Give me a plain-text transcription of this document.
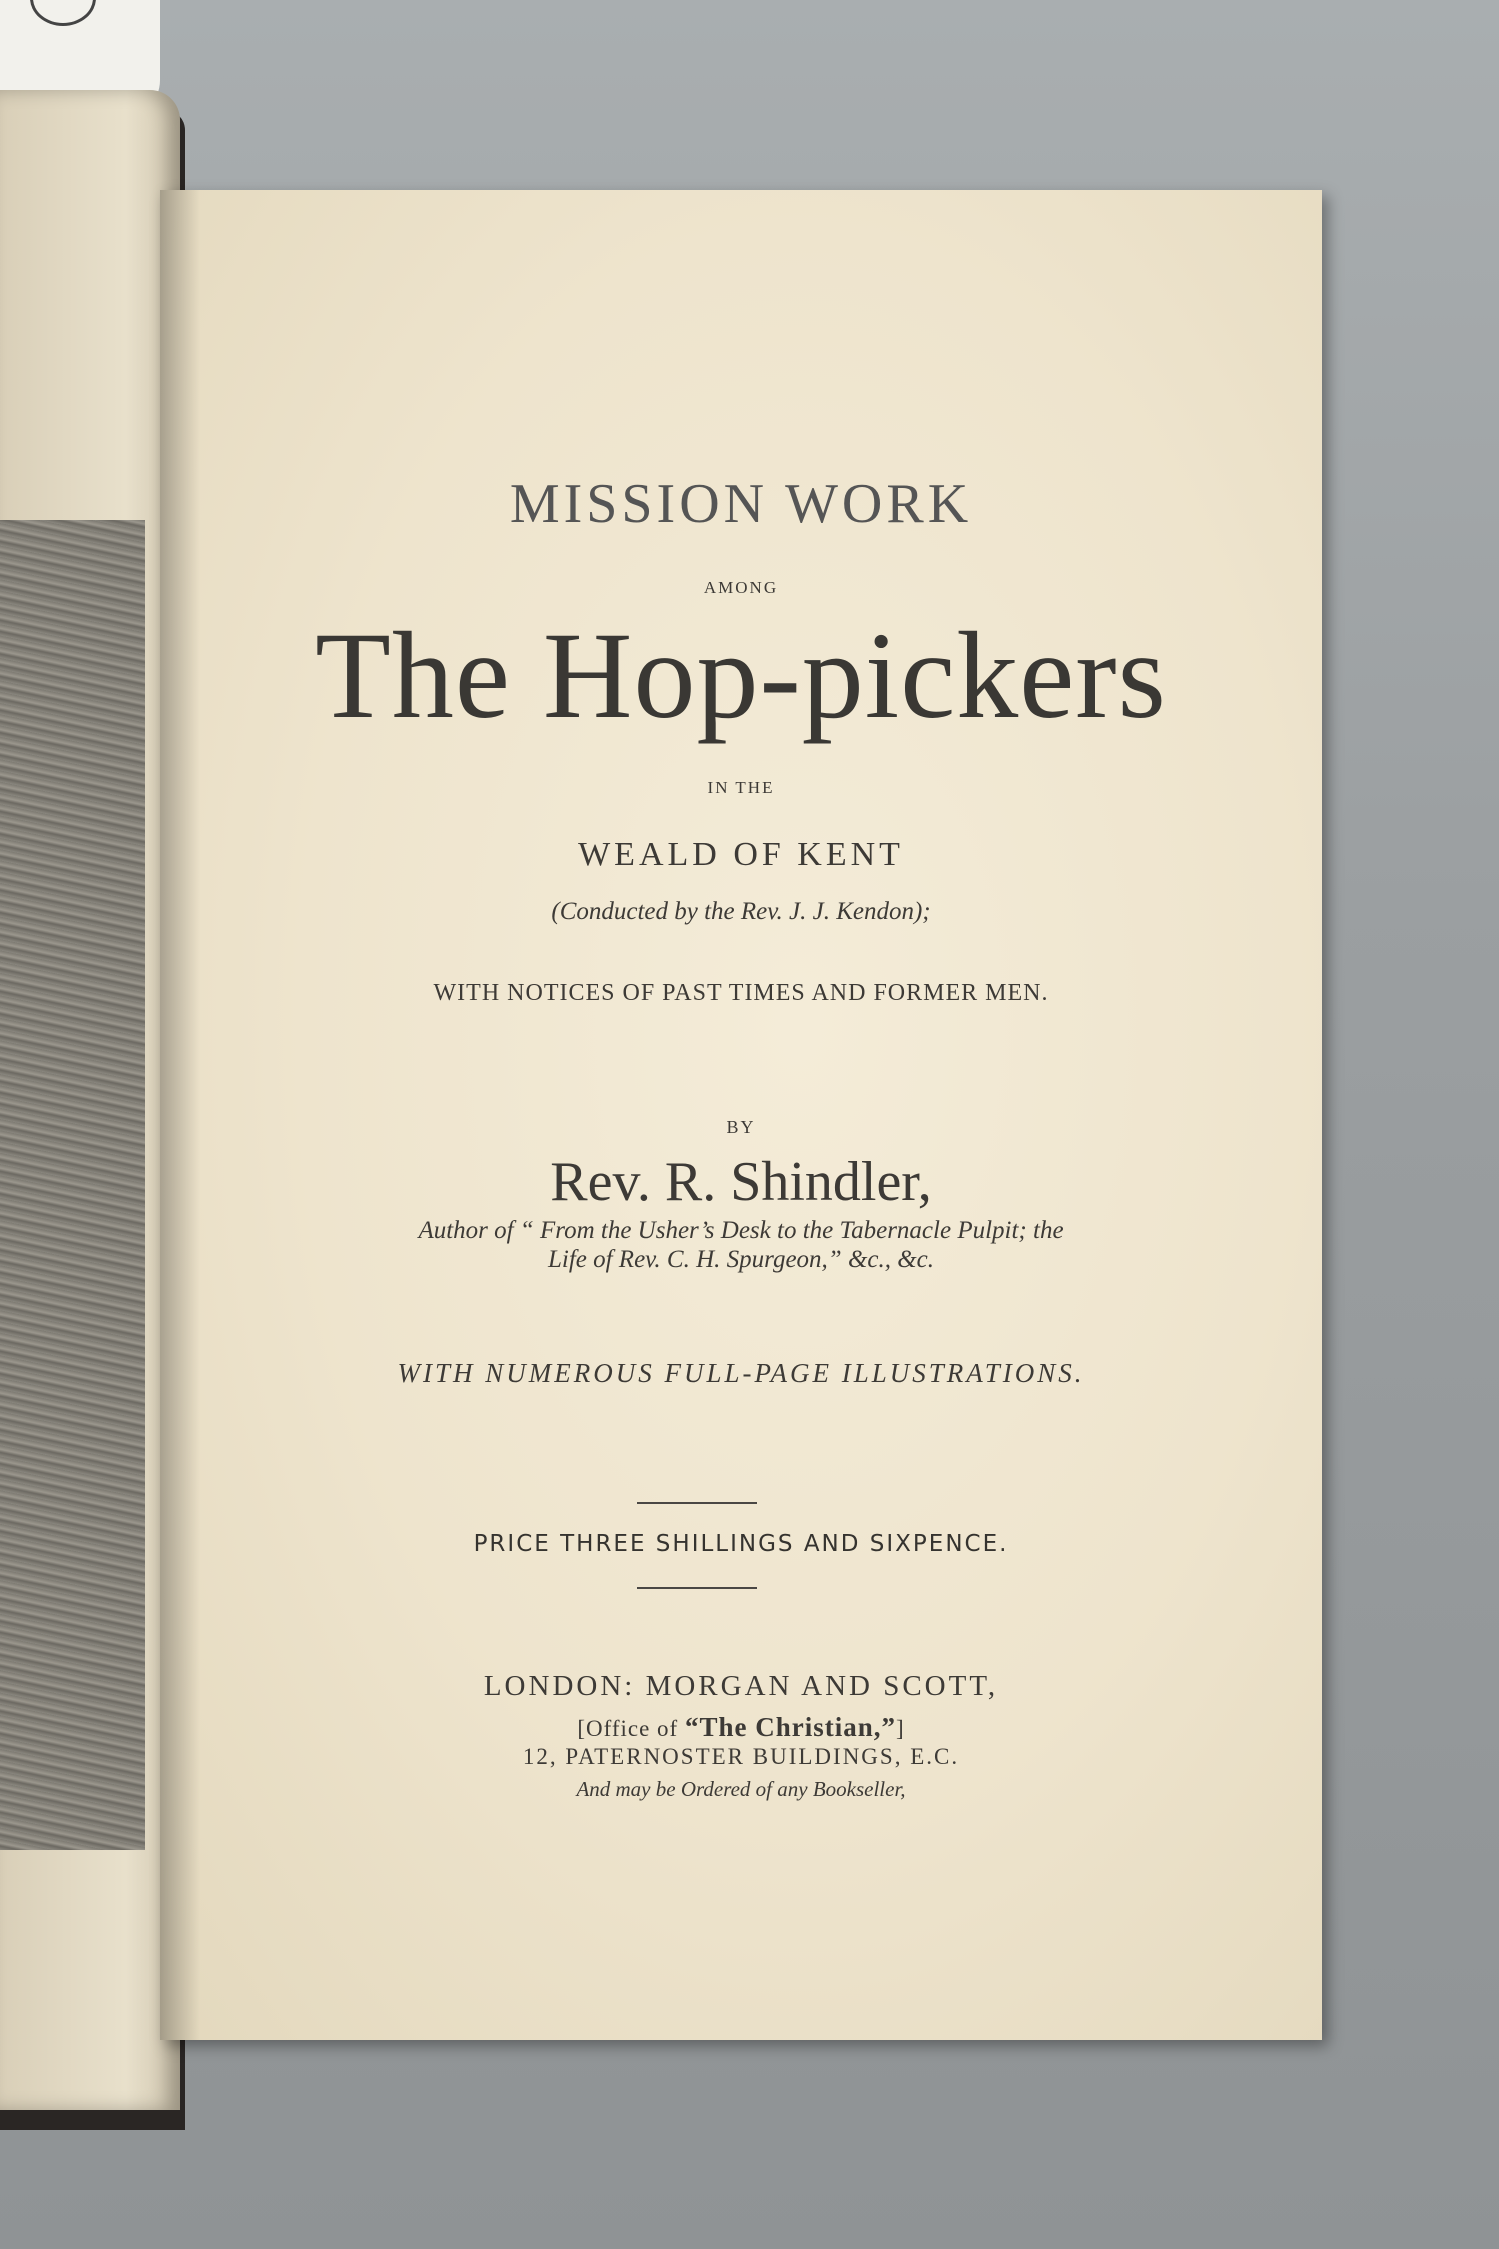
MISSION WORK
AMONG
The Hop-pickers
IN THE
WEALD OF KENT
(Conducted by the Rev. J. J. Kendon);
WITH NOTICES OF PAST TIMES AND FORMER MEN.
BY
Rev. R. Shindler,
Author of “ From the Usher’s Desk to the Tabernacle Pulpit; the
Life of Rev. C. H. Spurgeon,” &c., &c.
WITH NUMEROUS FULL-PAGE ILLUSTRATIONS.
PRICE THREE SHILLINGS AND SIXPENCE.
LONDON: MORGAN AND SCOTT,
[Office of “The Christian,”]
12, PATERNOSTER BUILDINGS, E.C.
And may be Ordered of any Bookseller,
